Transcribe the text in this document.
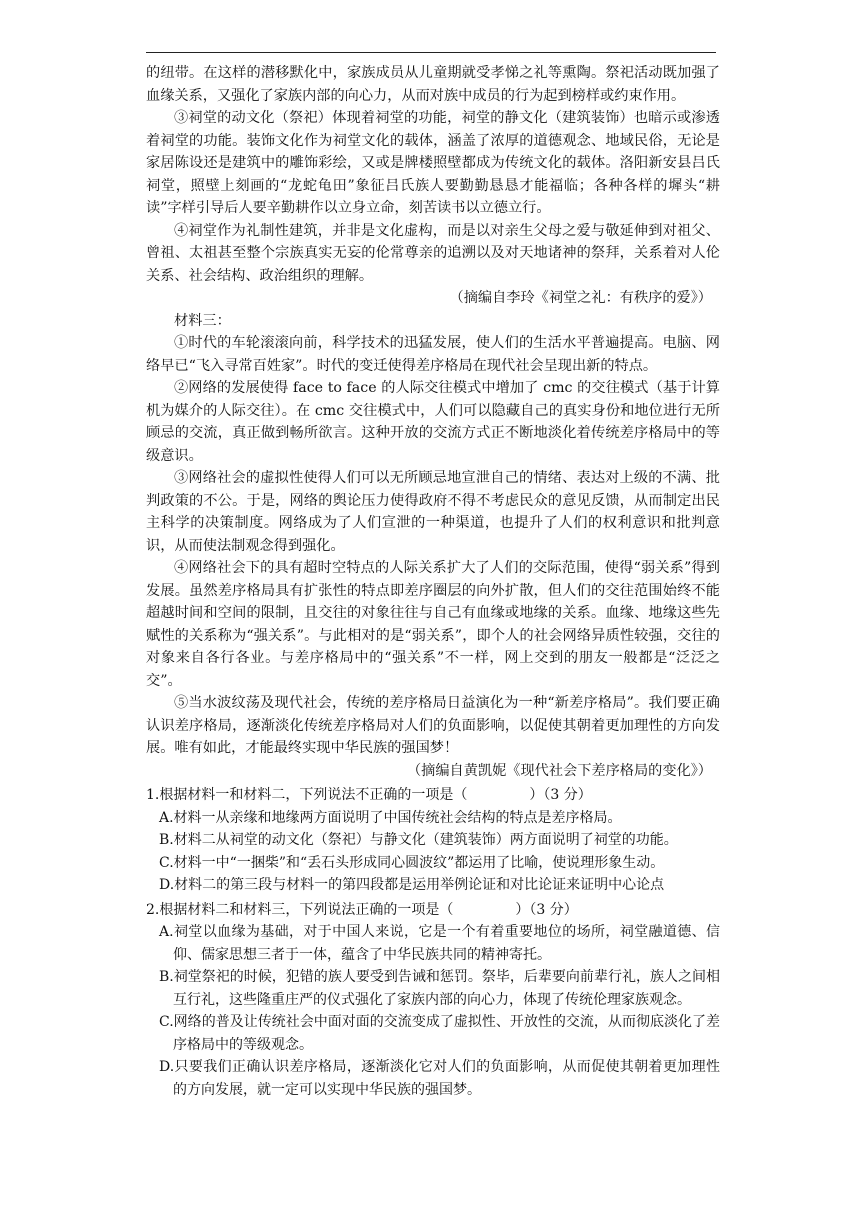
的纽带。在这样的潜移默化中，家族成员从儿童期就受孝悌之礼等熏陶。祭祀活动既加强了血缘关系，又强化了家族内部的向心力，从而对族中成员的行为起到榜样或约束作用。

③祠堂的动文化（祭祀）体现着祠堂的功能，祠堂的静文化（建筑装饰）也暗示或渗透着祠堂的功能。装饰文化作为祠堂文化的载体，涵盖了浓厚的道德观念、地域民俗，无论是家居陈设还是建筑中的雕饰彩绘，又或是牌楼照壁都成为传统文化的载体。洛阳新安县吕氏祠堂，照壁上刻画的“龙蛇龟田”象征吕氏族人要勤勤恳恳才能福临；各种各样的墀头“耕读”字样引导后人要辛勤耕作以立身立命，刻苦读书以立德立行。

④祠堂作为礼制性建筑，并非是文化虚构，而是以对亲生父母之爱与敬延伸到对祖父、曾祖、太祖甚至整个宗族真实无妄的伦常尊亲的追溯以及对天地诸神的祭拜，关系着对人伦关系、社会结构、政治组织的理解。

（摘编自李玲《祠堂之礼：有秩序的爱》）

材料三：

①时代的车轮滚滚向前，科学技术的迅猛发展，使人们的生活水平普遍提高。电脑、网络早已“飞入寻常百姓家”。时代的变迁使得差序格局在现代社会呈现出新的特点。

②网络的发展使得 face to face 的人际交往模式中增加了 cmc 的交往模式（基于计算机为媒介的人际交往）。在 cmc 交往模式中，人们可以隐藏自己的真实身份和地位进行无所顾忌的交流，真正做到畅所欲言。这种开放的交流方式正不断地淡化着传统差序格局中的等级意识。

③网络社会的虚拟性使得人们可以无所顾忌地宣泄自己的情绪、表达对上级的不满、批判政策的不公。于是，网络的舆论压力使得政府不得不考虑民众的意见反馈，从而制定出民主科学的决策制度。网络成为了人们宣泄的一种渠道，也提升了人们的权利意识和批判意识，从而使法制观念得到强化。

④网络社会下的具有超时空特点的人际关系扩大了人们的交际范围，使得“弱关系”得到发展。虽然差序格局具有扩张性的特点即差序圈层的向外扩散，但人们的交往范围始终不能超越时间和空间的限制，且交往的对象往往与自己有血缘或地缘的关系。血缘、地缘这些先赋性的关系称为“强关系”。与此相对的是“弱关系”，即个人的社会网络异质性较强，交往的对象来自各行各业。与差序格局中的“强关系”不一样，网上交到的朋友一般都是“泛泛之交”。

⑤当水波纹荡及现代社会，传统的差序格局日益演化为一种“新差序格局”。我们要正确认识差序格局，逐渐淡化传统差序格局对人们的负面影响，以促使其朝着更加理性的方向发展。唯有如此，才能最终实现中华民族的强国梦！

（摘编自黄凯妮《现代社会下差序格局的变化》）

1.根据材料一和材料二，下列说法不正确的一项是（	）（3 分）

A.材料一从亲缘和地缘两方面说明了中国传统社会结构的特点是差序格局。

B.材料二从祠堂的动文化（祭祀）与静文化（建筑装饰）两方面说明了祠堂的功能。

C.材料一中“一捆柴”和“丢石头形成同心圆波纹”都运用了比喻，使说理形象生动。

D.材料二的第三段与材料一的第四段都是运用举例论证和对比论证来证明中心论点

2.根据材料二和材料三，下列说法正确的一项是（	）（3 分）

A.祠堂以血缘为基础，对于中国人来说，它是一个有着重要地位的场所，祠堂融道德、信仰、儒家思想三者于一体，蕴含了中华民族共同的精神寄托。

B.祠堂祭祀的时候，犯错的族人要受到告诫和惩罚。祭毕，后辈要向前辈行礼，族人之间相互行礼，这些隆重庄严的仪式强化了家族内部的向心力，体现了传统伦理家族观念。

C.网络的普及让传统社会中面对面的交流变成了虚拟性、开放性的交流，从而彻底淡化了差序格局中的等级观念。

D.只要我们正确认识差序格局，逐渐淡化它对人们的负面影响，从而促使其朝着更加理性的方向发展，就一定可以实现中华民族的强国梦。
